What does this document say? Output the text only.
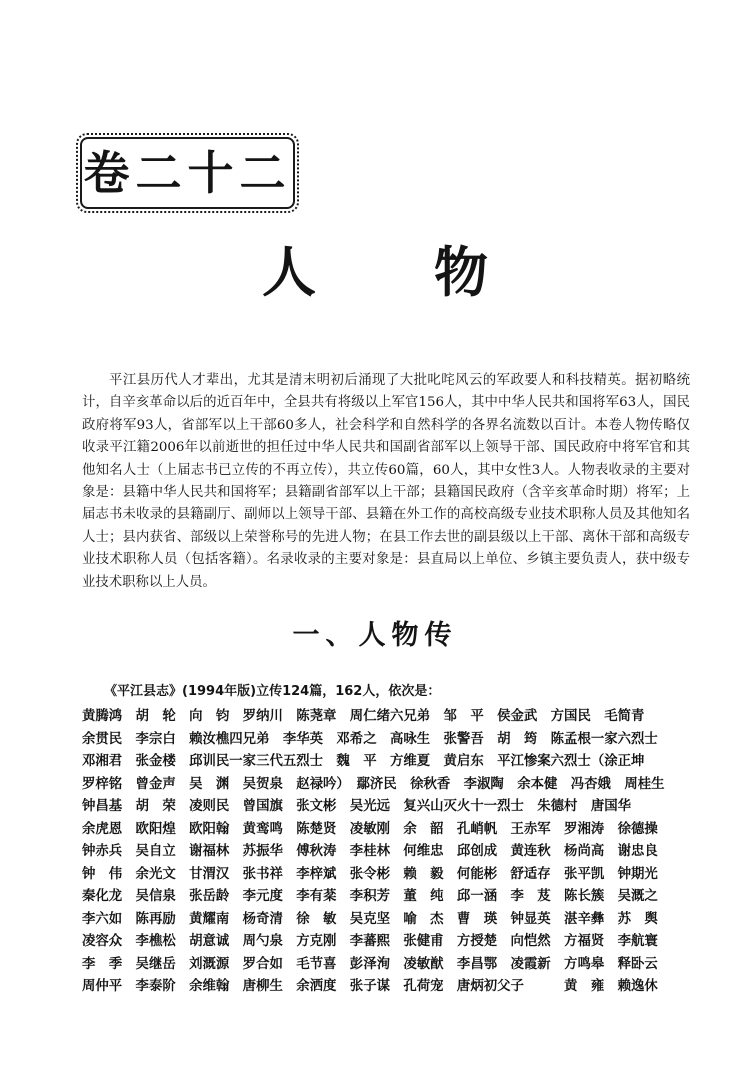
卷二十二
人物

平江县历代人才辈出，尤其是清末明初后涌现了大批叱咤风云的军政要人和科技精英。据初略统计，自辛亥革命以后的近百年中，全县共有将级以上军官156人，其中中华人民共和国将军63人，国民政府将军93人，省部军以上干部60多人，社会科学和自然科学的各界名流数以百计。本卷人物传略仅收录平江籍2006年以前逝世的担任过中华人民共和国副省部军以上领导干部、国民政府中将军官和其他知名人士（上届志书已立传的不再立传），共立传60篇，60人，其中女性3人。人物表收录的主要对象是：县籍中华人民共和国将军；县籍副省部军以上干部；县籍国民政府（含辛亥革命时期）将军；上届志书未收录的县籍副厅、副师以上领导干部、县籍在外工作的高校高级专业技术职称人员及其他知名人士；县内获省、部级以上荣誉称号的先进人物；在县工作去世的副县级以上干部、离休干部和高级专业技术职称人员（包括客籍）。名录收录的主要对象是：县直局以上单位、乡镇主要负责人，获中级专业技术职称以上人员。

一、人物传
《平江县志》(1994年版)立传124篇，162人，依次是：
黄腾鸿　胡　轮　向　钧　罗纳川　陈荛章　周仁绪六兄弟　邹　平　侯金武　方国民　毛简青
余贯民　李宗白　赖汝樵四兄弟　李华英　邓希之　高咏生　张警吾　胡　筠　陈孟根一家六烈士
邓湘君　张金楼　邱训民一家三代五烈士　魏　平　方维夏　黄启东　平江惨案六烈士（涂正坤
罗梓铭　曾金声　吴　渊　吴贺泉　赵禄吟）　鄢济民　徐秋香　李淑陶　余本健　冯杏娥　周桂生
钟昌基　胡　荣　凌则民　曾国旗　张文彬　吴光远　复兴山灭火十一烈士　朱德村　唐国华
余虎恩　欧阳煌　欧阳翰　黄鸾鸣　陈楚贤　凌敏刚　余　韶　孔峭帆　王赤军　罗湘涛　徐德操
钟赤兵　吴自立　谢福林　苏振华　傅秋涛　李桂林　何维忠　邱创成　黄连秋　杨尚高　谢忠良
钟　伟　余光文　甘渭汉　张书祥　李梓斌　张令彬　赖　毅　何能彬　舒适存　张平凯　钟期光
秦化龙　吴信泉　张岳龄　李元度　李有棻　李积芳　董　纯　邱一涵　李　芨　陈长簇　吴溉之
李六如　陈再励　黄耀南　杨奇清　徐　敏　吴克坚　喻　杰　曹　瑛　钟显英　湛辛彝　苏　舆
凌容众　李樵松　胡意诚　周勺泉　方克刚　李蕃熙　张健甫　方授楚　向恺然　方福贤　李航寰
李　季　吴继岳　刘溉源　罗合如　毛节喜　彭泽洵　凌敏猷　李昌鄂　凌霞新　方鸣皋　释卧云
周仲平　李泰阶　余维翰　唐柳生　余洒度　张子谋　孔荷宠　唐炳初父子　　　黄　雍　赖逸休
